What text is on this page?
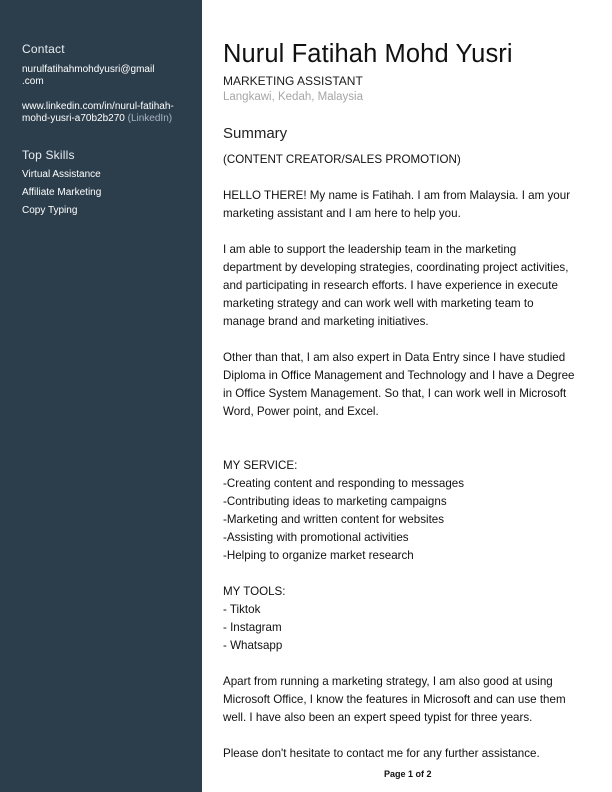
Contact
nurulfatihahmohdyusri@gmail
.com
www.linkedin.com/in/nurul-fatihah-
mohd-yusri-a70b2b270 (LinkedIn)
Top Skills
Virtual Assistance
Affiliate Marketing
Copy Typing
Nurul Fatihah Mohd Yusri
MARKETING ASSISTANT
Langkawi, Kedah, Malaysia
Summary
(CONTENT CREATOR/SALES PROMOTION)
HELLO THERE! My name is Fatihah. I am from Malaysia. I am your
marketing assistant and I am here to help you.
I am able to support the leadership team in the marketing
department by developing strategies, coordinating project activities,
and participating in research efforts. I have experience in execute
marketing strategy and can work well with marketing team to
manage brand and marketing initiatives.
Other than that, I am also expert in Data Entry since I have studied
Diploma in Office Management and Technology and I have a Degree
in Office System Management. So that, I can work well in Microsoft
Word, Power point, and Excel.
MY SERVICE:
-Creating content and responding to messages
-Contributing ideas to marketing campaigns
-Marketing and written content for websites
-Assisting with promotional activities
-Helping to organize market research
MY TOOLS:
- Tiktok
- Instagram
- Whatsapp
Apart from running a marketing strategy, I am also good at using
Microsoft Office, I know the features in Microsoft and can use them
well. I have also been an expert speed typist for three years.
Please don't hesitate to contact me for any further assistance.
Page 1 of 2
